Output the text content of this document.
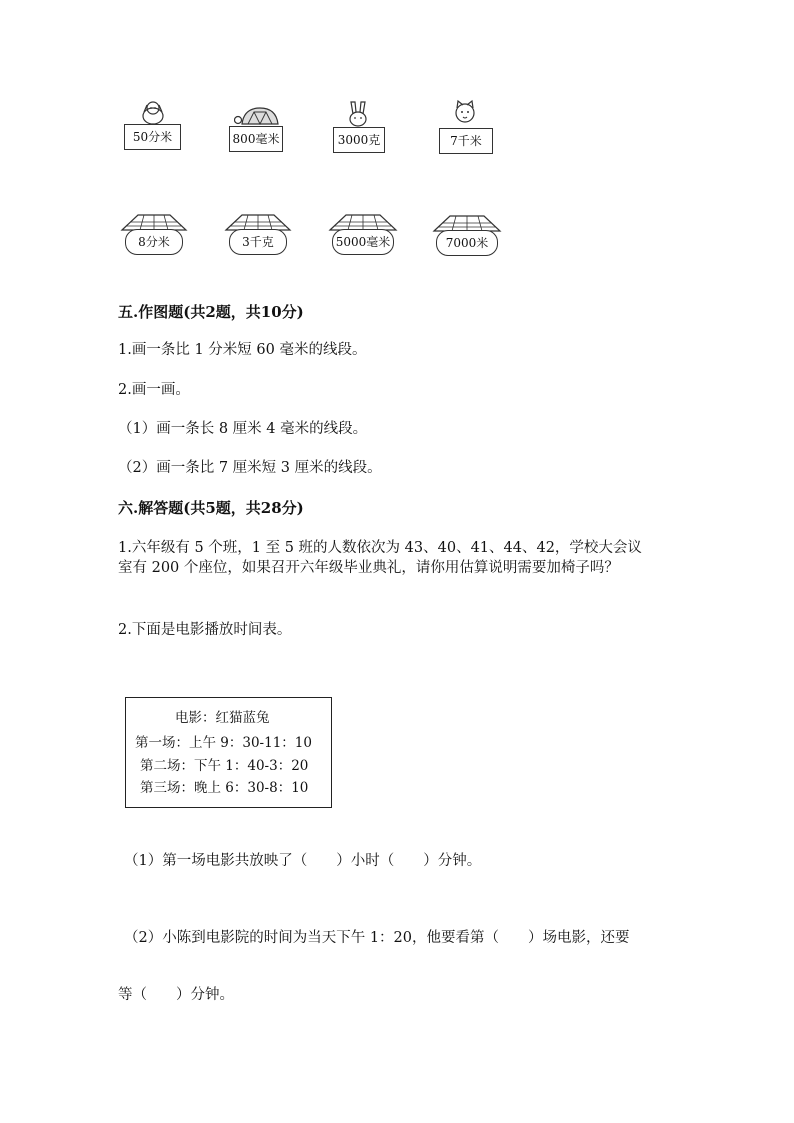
50分米	800毫米	3000克	7千米
8分米	3千克	5000毫米	7000米
五.作图题(共2题，共10分)
1.画一条比 1 分米短 60 毫米的线段。
2.画一画。
（1）画一条长 8 厘米 4 毫米的线段。
（2）画一条比 7 厘米短 3 厘米的线段。
六.解答题(共5题，共28分)
1.六年级有 5 个班，1 至 5 班的人数依次为 43、40、41、44、42，学校大会议
室有 200 个座位，如果召开六年级毕业典礼，请你用估算说明需要加椅子吗？
2.下面是电影播放时间表。
电影：红猫蓝兔
第一场：上午 9：30-11：10
第二场：下午 1：40-3：20
第三场：晚上 6：30-8：10
（1）第一场电影共放映了（　　）小时（　　）分钟。
（2）小陈到电影院的时间为当天下午 1：20，他要看第（　　）场电影，还要
等（　　）分钟。
